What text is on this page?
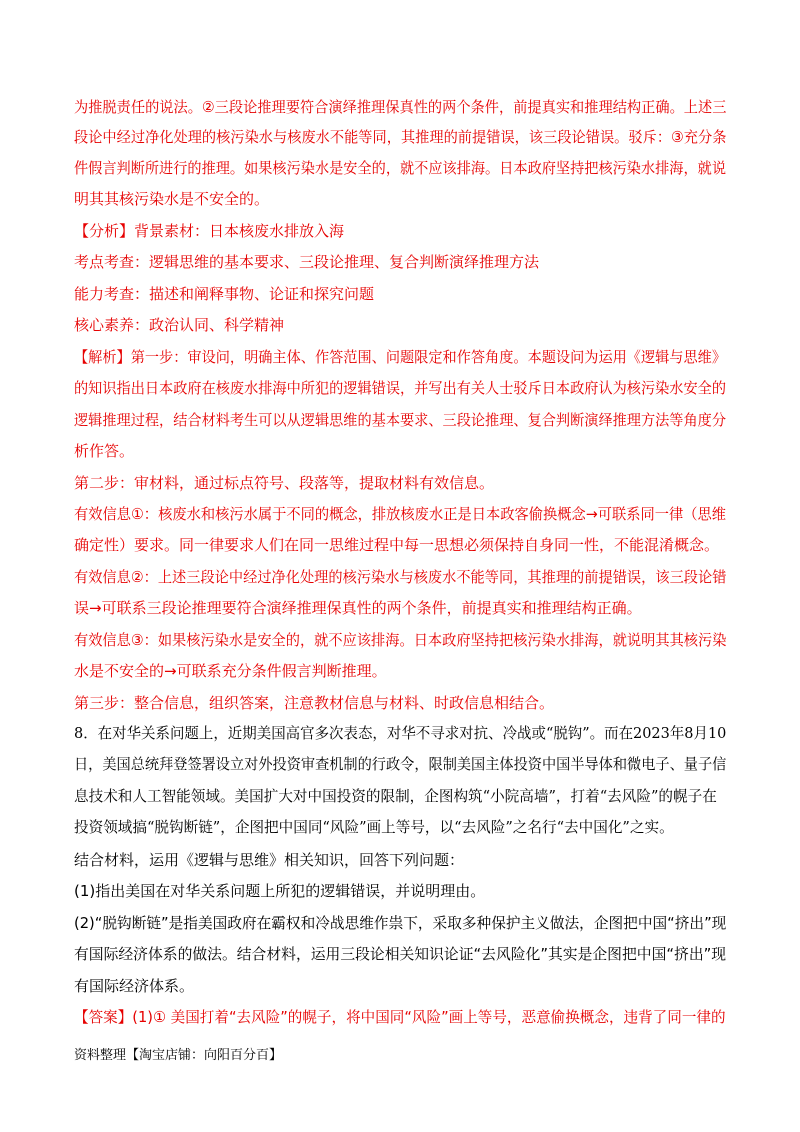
为推脱责任的说法。②三段论推理要符合演绎推理保真性的两个条件，前提真实和推理结构正确。上述三
段论中经过净化处理的核污染水与核废水不能等同，其推理的前提错误，该三段论错误。驳斥：③充分条
件假言判断所进行的推理。如果核污染水是安全的，就不应该排海。日本政府坚持把核污染水排海，就说
明其其核污染水是不安全的。
【分析】背景素材：日本核废水排放入海
考点考查：逻辑思维的基本要求、三段论推理、复合判断演绎推理方法
能力考查：描述和阐释事物、论证和探究问题
核心素养：政治认同、科学精神
【解析】第一步：审设问，明确主体、作答范围、问题限定和作答角度。本题设问为运用《逻辑与思维》
的知识指出日本政府在核废水排海中所犯的逻辑错误，并写出有关人士驳斥日本政府认为核污染水安全的
逻辑推理过程，结合材料考生可以从逻辑思维的基本要求、三段论推理、复合判断演绎推理方法等角度分
析作答。
第二步：审材料，通过标点符号、段落等，提取材料有效信息。
有效信息①：核废水和核污水属于不同的概念，排放核废水正是日本政客偷换概念→可联系同一律（思维
确定性）要求。同一律要求人们在同一思维过程中每一思想必须保持自身同一性，不能混淆概念。
有效信息②：上述三段论中经过净化处理的核污染水与核废水不能等同，其推理的前提错误，该三段论错
误→可联系三段论推理要符合演绎推理保真性的两个条件，前提真实和推理结构正确。
有效信息③：如果核污染水是安全的，就不应该排海。日本政府坚持把核污染水排海，就说明其其核污染
水是不安全的→可联系充分条件假言判断推理。
第三步：整合信息，组织答案，注意教材信息与材料、时政信息相结合。
8．在对华关系问题上，近期美国高官多次表态，对华不寻求对抗、冷战或“脱钩”。而在2023年8月10
日，美国总统拜登签署设立对外投资审查机制的行政令，限制美国主体投资中国半导体和微电子、量子信
息技术和人工智能领域。美国扩大对中国投资的限制，企图构筑“小院高墙”，打着“去风险”的幌子在
投资领域搞“脱钩断链”，企图把中国同“风险”画上等号，以“去风险”之名行“去中国化”之实。
结合材料，运用《逻辑与思维》相关知识，回答下列问题：
(1)指出美国在对华关系问题上所犯的逻辑错误，并说明理由。
(2)“脱钩断链”是指美国政府在霸权和冷战思维作祟下，采取多种保护主义做法，企图把中国“挤出”现
有国际经济体系的做法。结合材料，运用三段论相关知识论证“去风险化”其实是企图把中国“挤出”现
有国际经济体系。
【答案】(1)① 美国打着“去风险”的幌子，将中国同“风险”画上等号，恶意偷换概念，违背了同一律的
资料整理【淘宝店铺：向阳百分百】
